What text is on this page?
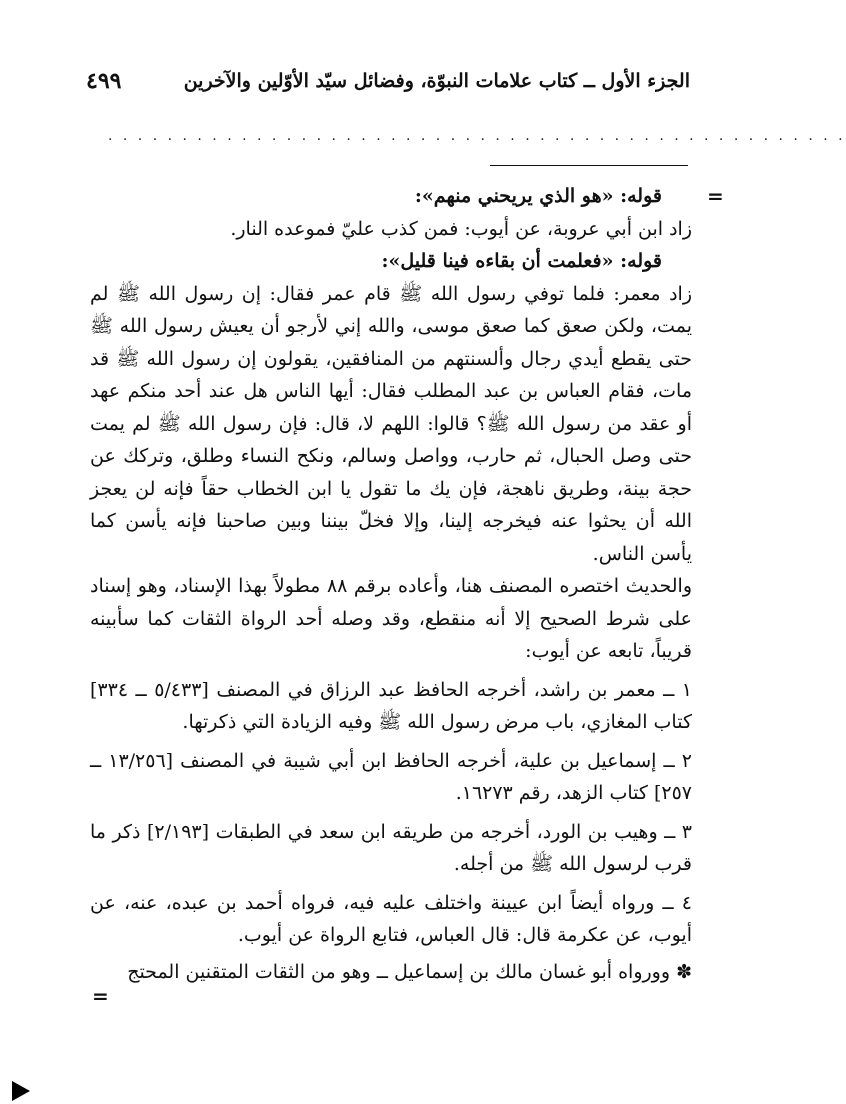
الجزء الأول ــ كتاب علامات النبوّة، وفضائل سيّد الأوّلين والآخرين
٤٩٩
. . . . . . . . . . . . . . . . . . . . . . . . . . . . . . . . . . . . . . . . . . . . . . . . . .
=

قوله: «هو الذي يريحني منهم»:

زاد ابن أبي عروبة، عن أيوب: فمن كذب عليّ فموعده النار.

قوله: «فعلمت أن بقاءه فينا قليل»:

زاد معمر: فلما توفي رسول الله ﷺ قام عمر فقال: إن رسول الله ﷺ لم يمت، ولكن صعق كما صعق موسى، والله إني لأرجو أن يعيش رسول الله ﷺ حتى يقطع أيدي رجال وألسنتهم من المنافقين، يقولون إن رسول الله ﷺ قد مات، فقام العباس بن عبد المطلب فقال: أيها الناس هل عند أحد منكم عهد أو عقد من رسول الله ﷺ؟ قالوا: اللهم لا، قال: فإن رسول الله ﷺ لم يمت حتى وصل الحبال، ثم حارب، وواصل وسالم، ونكح النساء وطلق، وتركك عن حجة بينة، وطريق ناهجة، فإن يك ما تقول يا ابن الخطاب حقاً فإنه لن يعجز الله أن يحثوا عنه فيخرجه إلينا، وإلا فخلّ بيننا وبين صاحبنا فإنه يأسن كما يأسن الناس.

والحديث اختصره المصنف هنا، وأعاده برقم ٨٨ مطولاً بهذا الإسناد، وهو إسناد على شرط الصحيح إلا أنه منقطع، وقد وصله أحد الرواة الثقات كما سأبينه قريباً، تابعه عن أيوب:

١ ــ معمر بن راشد، أخرجه الحافظ عبد الرزاق في المصنف [٥/٤٣٣ ــ ٣٣٤] كتاب المغازي، باب مرض رسول الله ﷺ وفيه الزيادة التي ذكرتها.

٢ ــ إسماعيل بن علية، أخرجه الحافظ ابن أبي شيبة في المصنف [١٣/٢٥٦ ــ ٢٥٧] كتاب الزهد، رقم ١٦٢٧٣.

٣ ــ وهيب بن الورد، أخرجه من طريقه ابن سعد في الطبقات [٢/١٩٣] ذكر ما قرب لرسول الله ﷺ من أجله.

٤ ــ ورواه أيضاً ابن عيينة واختلف عليه فيه، فرواه أحمد بن عبده، عنه، عن أيوب، عن عكرمة قال: قال العباس، فتابع الرواة عن أيوب.

✽ وورواه أبو غسان مالك بن إسماعيل ــ وهو من الثقات المتقنين المحتج

=
